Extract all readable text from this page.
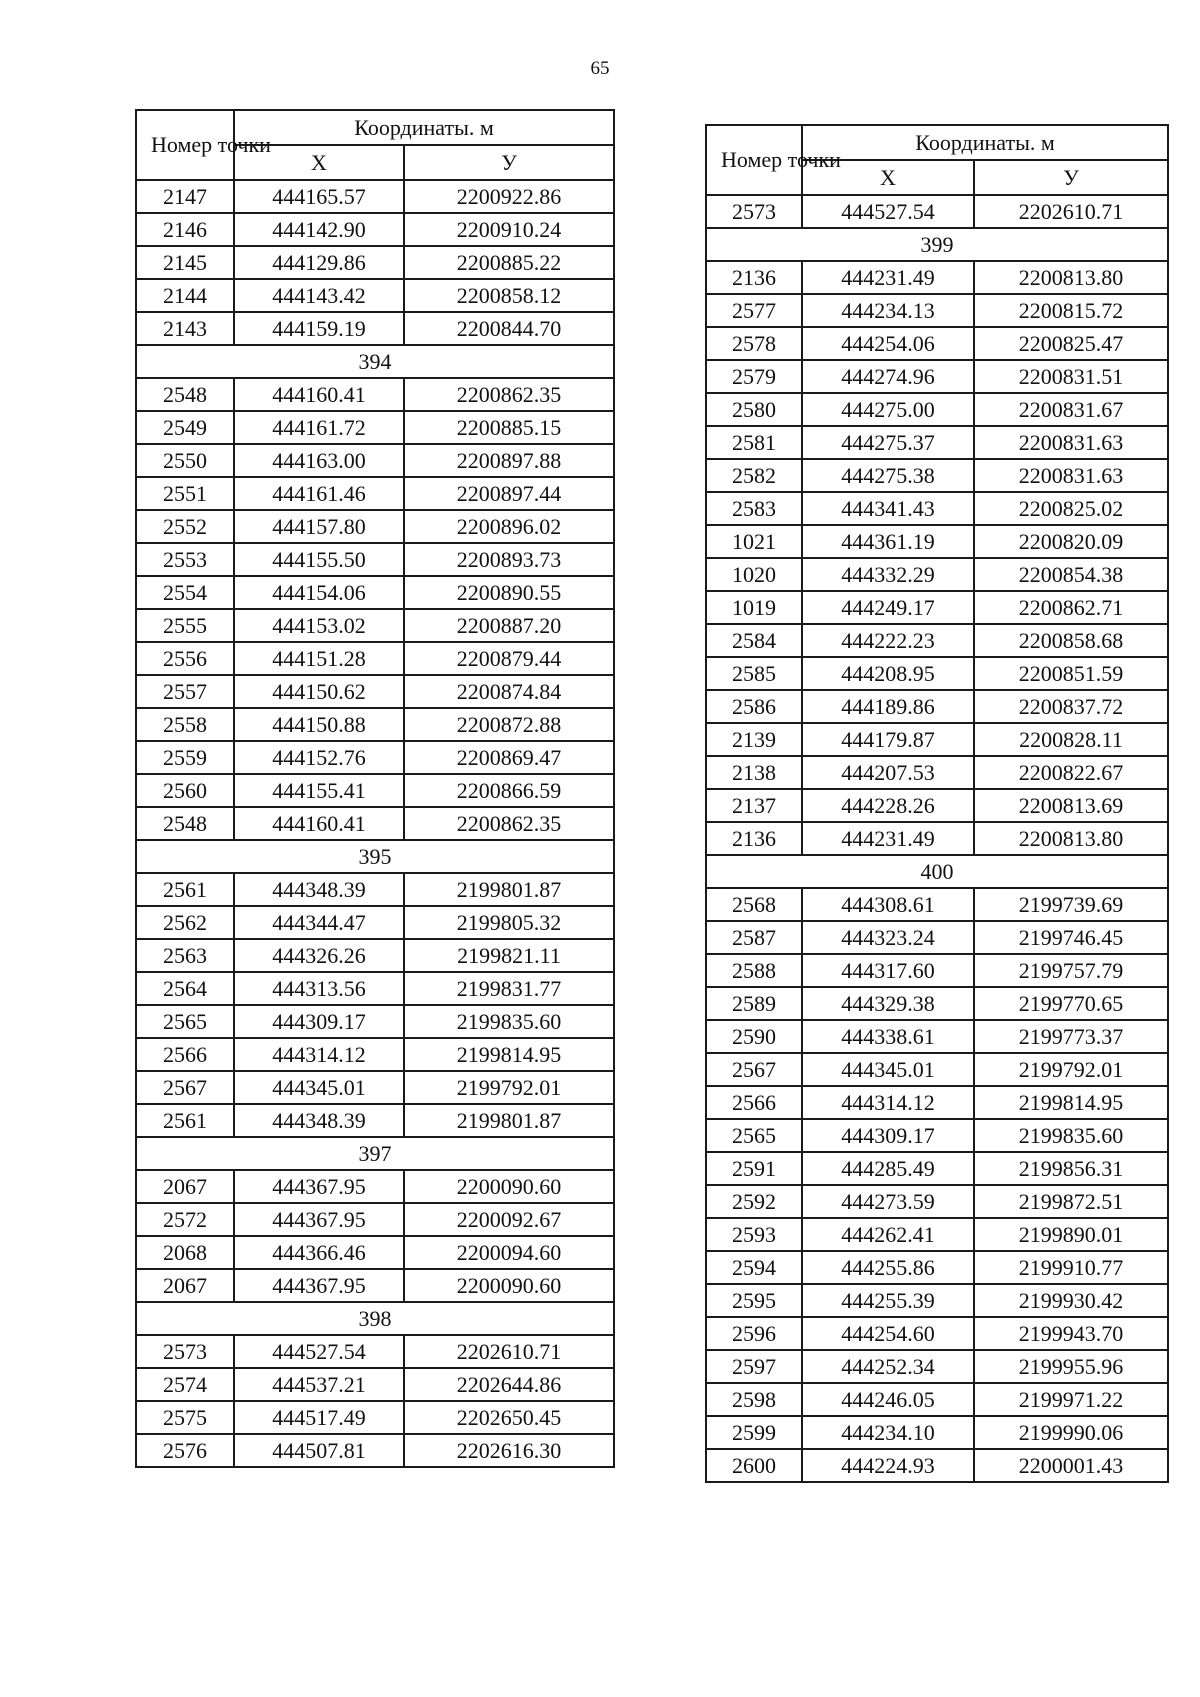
65
Номер точки	Координаты. м	
	X	У
2147	444165.57	2200922.86
2146	444142.90	2200910.24
2145	444129.86	2200885.22
2144	444143.42	2200858.12
2143	444159.19	2200844.70
394		
2548	444160.41	2200862.35
2549	444161.72	2200885.15
2550	444163.00	2200897.88
2551	444161.46	2200897.44
2552	444157.80	2200896.02
2553	444155.50	2200893.73
2554	444154.06	2200890.55
2555	444153.02	2200887.20
2556	444151.28	2200879.44
2557	444150.62	2200874.84
2558	444150.88	2200872.88
2559	444152.76	2200869.47
2560	444155.41	2200866.59
2548	444160.41	2200862.35
395		
2561	444348.39	2199801.87
2562	444344.47	2199805.32
2563	444326.26	2199821.11
2564	444313.56	2199831.77
2565	444309.17	2199835.60
2566	444314.12	2199814.95
2567	444345.01	2199792.01
2561	444348.39	2199801.87
397		
2067	444367.95	2200090.60
2572	444367.95	2200092.67
2068	444366.46	2200094.60
2067	444367.95	2200090.60
398		
2573	444527.54	2202610.71
2574	444537.21	2202644.86
2575	444517.49	2202650.45
2576	444507.81	2202616.30
Номер точки	Координаты. м	
	X	У
2573	444527.54	2202610.71
399		
2136	444231.49	2200813.80
2577	444234.13	2200815.72
2578	444254.06	2200825.47
2579	444274.96	2200831.51
2580	444275.00	2200831.67
2581	444275.37	2200831.63
2582	444275.38	2200831.63
2583	444341.43	2200825.02
1021	444361.19	2200820.09
1020	444332.29	2200854.38
1019	444249.17	2200862.71
2584	444222.23	2200858.68
2585	444208.95	2200851.59
2586	444189.86	2200837.72
2139	444179.87	2200828.11
2138	444207.53	2200822.67
2137	444228.26	2200813.69
2136	444231.49	2200813.80
400		
2568	444308.61	2199739.69
2587	444323.24	2199746.45
2588	444317.60	2199757.79
2589	444329.38	2199770.65
2590	444338.61	2199773.37
2567	444345.01	2199792.01
2566	444314.12	2199814.95
2565	444309.17	2199835.60
2591	444285.49	2199856.31
2592	444273.59	2199872.51
2593	444262.41	2199890.01
2594	444255.86	2199910.77
2595	444255.39	2199930.42
2596	444254.60	2199943.70
2597	444252.34	2199955.96
2598	444246.05	2199971.22
2599	444234.10	2199990.06
2600	444224.93	2200001.43
